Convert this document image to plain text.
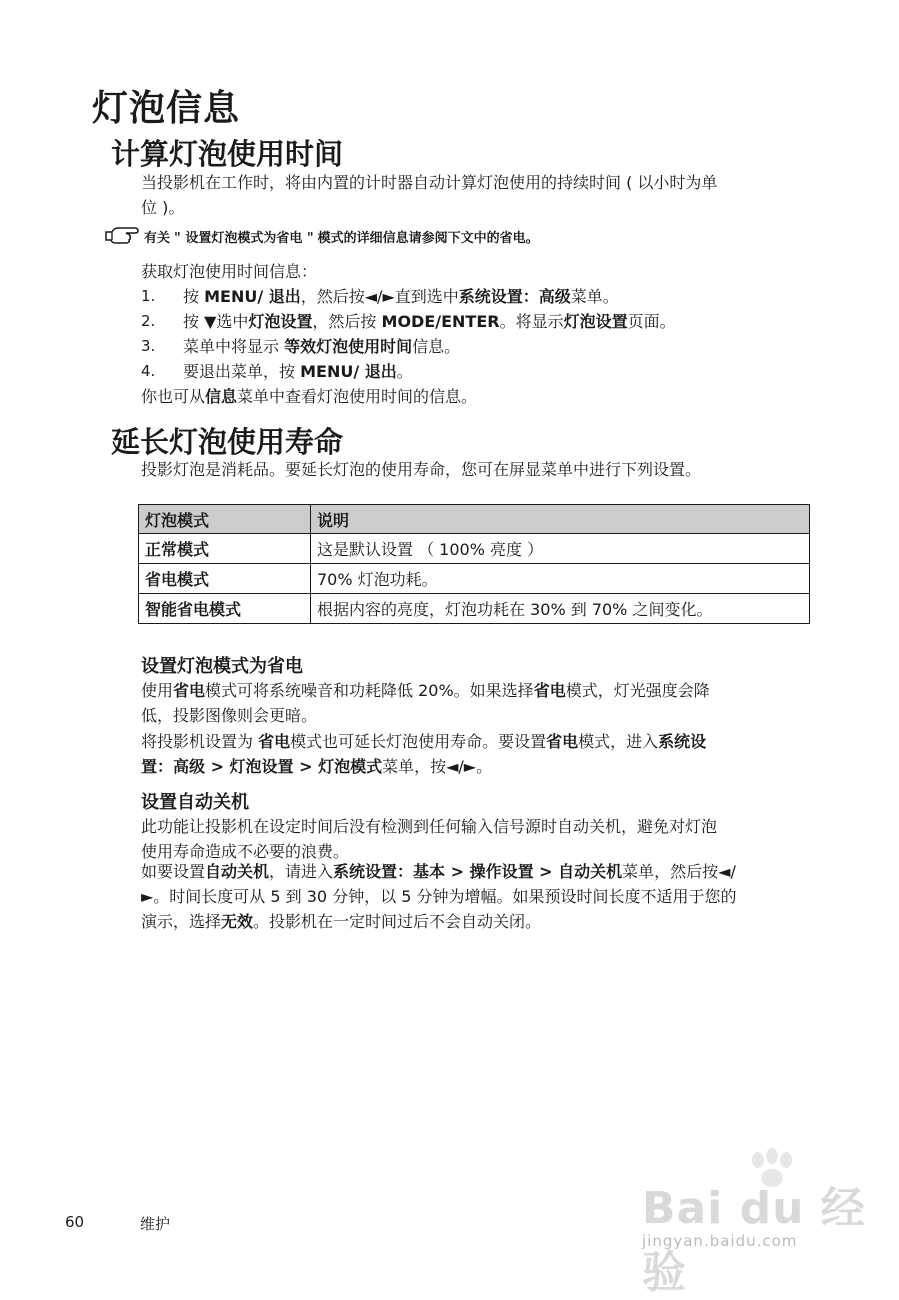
灯泡信息
计算灯泡使用时间
当投影机在工作时，将由内置的计时器自动计算灯泡使用的持续时间 ( 以小时为单
位 )。
有关 " 设置灯泡模式为省电 " 模式的详细信息请参阅下文中的省电。
获取灯泡使用时间信息：
1.	按 MENU/ 退出，然后按◄/►直到选中系统设置：高级菜单。
2.	按 ▼选中灯泡设置，然后按 MODE/ENTER。将显示灯泡设置页面。
3.	菜单中将显示 等效灯泡使用时间信息。
4.	要退出菜单，按 MENU/ 退出。
你也可从信息菜单中查看灯泡使用时间的信息。
延长灯泡使用寿命
投影灯泡是消耗品。要延长灯泡的使用寿命，您可在屏显菜单中进行下列设置。
灯泡模式	说明
正常模式	这是默认设置 （ 100% 亮度 ）
省电模式	70% 灯泡功耗。
智能省电模式	根据内容的亮度，灯泡功耗在 30% 到 70% 之间变化。
设置灯泡模式为省电
使用省电模式可将系统噪音和功耗降低 20%。如果选择省电模式，灯光强度会降
低，投影图像则会更暗。
将投影机设置为 省电模式也可延长灯泡使用寿命。要设置省电模式，进入系统设
置：高级 > 灯泡设置 > 灯泡模式菜单，按◄/►。
设置自动关机
此功能让投影机在设定时间后没有检测到任何输入信号源时自动关机，避免对灯泡
使用寿命造成不必要的浪费。
如要设置自动关机，请进入系统设置：基本 > 操作设置 > 自动关机菜单，然后按◄/
►。时间长度可从 5 到 30 分钟，以 5 分钟为增幅。如果预设时间长度不适用于您的
演示，选择无效。投影机在一定时间过后不会自动关闭。
Bai du 经验
jingyan.baidu.com
60	维护
